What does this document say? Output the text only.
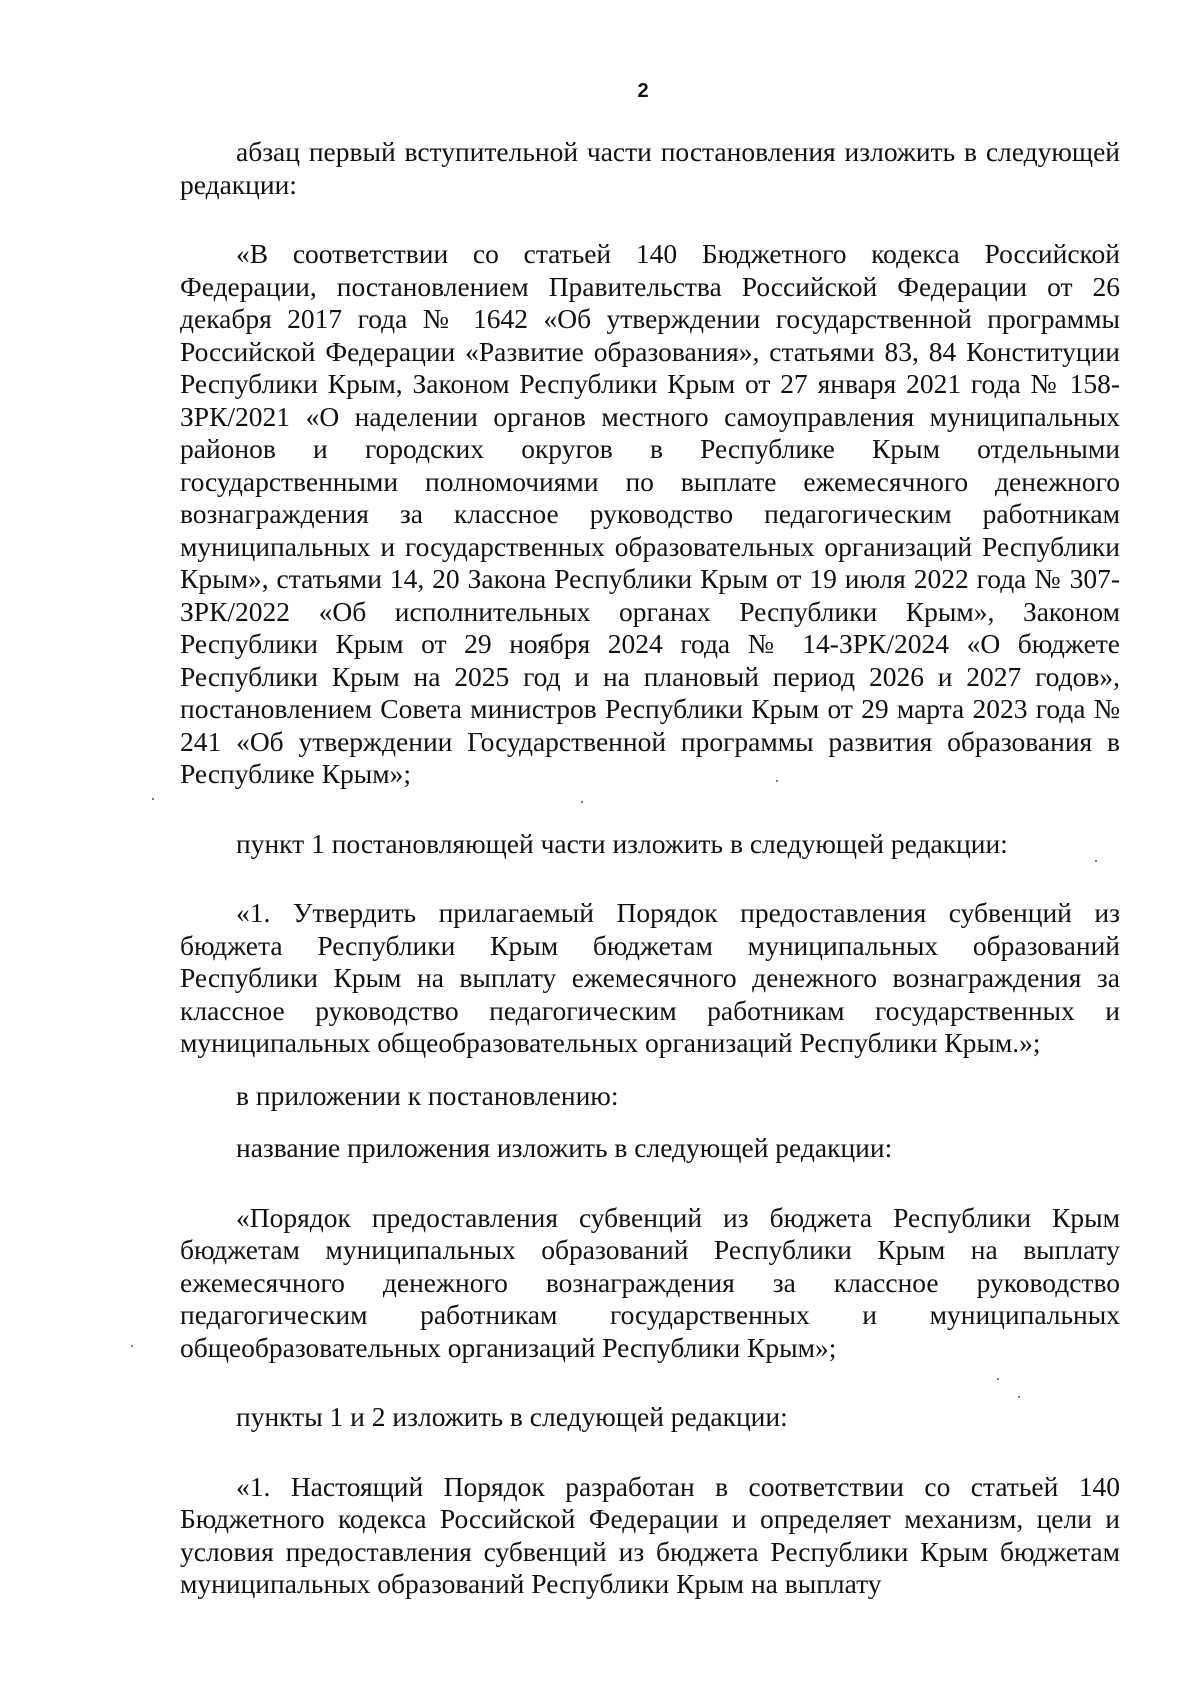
2

абзац первый вступительной части постановления изложить в следующей редакции:

«В соответствии со статьей 140 Бюджетного кодекса Российской Федерации, постановлением Правительства Российской Федерации от 26 декабря 2017 года № 1642 «Об утверждении государственной программы Российской Федерации «Развитие образования», статьями 83, 84 Конституции Республики Крым, Законом Республики Крым от 27 января 2021 года № 158-ЗРК/2021 «О наделении органов местного самоуправления муниципальных районов и городских округов в Республике Крым отдельными государственными полномочиями по выплате ежемесячного денежного вознаграждения за классное руководство педагогическим работникам муниципальных и государственных образовательных организаций Республики Крым», статьями 14, 20 Закона Республики Крым от 19 июля 2022 года № 307-ЗРК/2022 «Об исполнительных органах Республики Крым», Законом Республики Крым от 29 ноября 2024 года № 14-ЗРК/2024 «О бюджете Республики Крым на 2025 год и на плановый период 2026 и 2027 годов», постановлением Совета министров Республики Крым от 29 марта 2023 года № 241 «Об утверждении Государственной программы развития образования в Республике Крым»;

пункт 1 постановляющей части изложить в следующей редакции:

«1. Утвердить прилагаемый Порядок предоставления субвенций из бюджета Республики Крым бюджетам муниципальных образований Республики Крым на выплату ежемесячного денежного вознаграждения за классное руководство педагогическим работникам государственных и муниципальных общеобразовательных организаций Республики Крым.»;

в приложении к постановлению:

название приложения изложить в следующей редакции:

«Порядок предоставления субвенций из бюджета Республики Крым бюджетам муниципальных образований Республики Крым на выплату ежемесячного денежного вознаграждения за классное руководство педагогическим работникам государственных и муниципальных общеобразовательных организаций Республики Крым»;

пункты 1 и 2 изложить в следующей редакции:

«1. Настоящий Порядок разработан в соответствии со статьей 140 Бюджетного кодекса Российской Федерации и определяет механизм, цели и условия предоставления субвенций из бюджета Республики Крым бюджетам муниципальных образований Республики Крым на выплату
